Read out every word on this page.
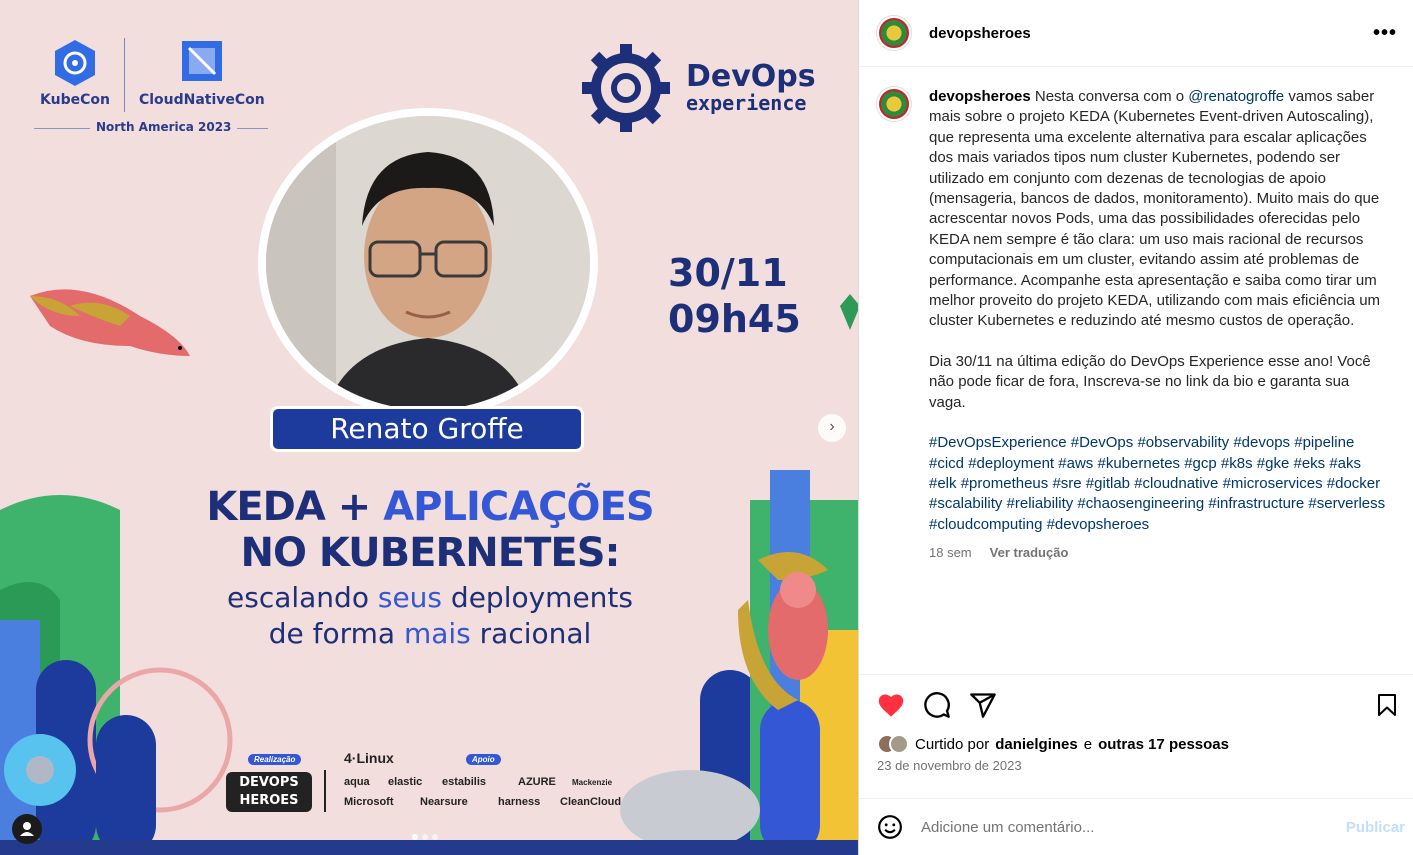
KubeCon CloudNativeCon
North America 2023
DevOps
experience
Renato Groffe
30/11
09h45
KEDA + APLICAÇÕES
NO KUBERNETES:
escalando seus deployments
de forma mais racional
Realização
DEVOPS HEROES
Apoio
4·Linux
aqua elastic estabilis	AZURE Mackenzie
Microsoft Nearsure	harness CleanCloud
›
devopsheroes	•••
devopsheroes Nesta conversa com o @renatogroffe vamos saber mais sobre o projeto KEDA (Kubernetes Event-driven Autoscaling), que representa uma excelente alternativa para escalar aplicações dos mais variados tipos num cluster Kubernetes, podendo ser utilizado em conjunto com dezenas de tecnologias de apoio (mensageria, bancos de dados, monitoramento). Muito mais do que acrescentar novos Pods, uma das possibilidades oferecidas pelo KEDA nem sempre é tão clara: um uso mais racional de recursos computacionais em um cluster, evitando assim até problemas de performance. Acompanhe esta apresentação e saiba como tirar um melhor proveito do projeto KEDA, utilizando com mais eficiência um cluster Kubernetes e reduzindo até mesmo custos de operação.
Dia 30/11 na última edição do DevOps Experience esse ano! Você não pode ficar de fora, Inscreva-se no link da bio e garanta sua vaga.
#DevOpsExperience #DevOps #observability #devops #pipeline #cicd #deployment #aws #kubernetes #gcp #k8s #gke #eks #aks #elk #prometheus #sre #gitlab #cloudnative #microservices #docker #scalability #reliability #chaosengineering #infrastructure #serverless #cloudcomputing #devopsheroes
18 sem Ver tradução
Curtido por danielgines e outras 17 pessoas
23 de novembro de 2023
Adicione um comentário...	Publicar
